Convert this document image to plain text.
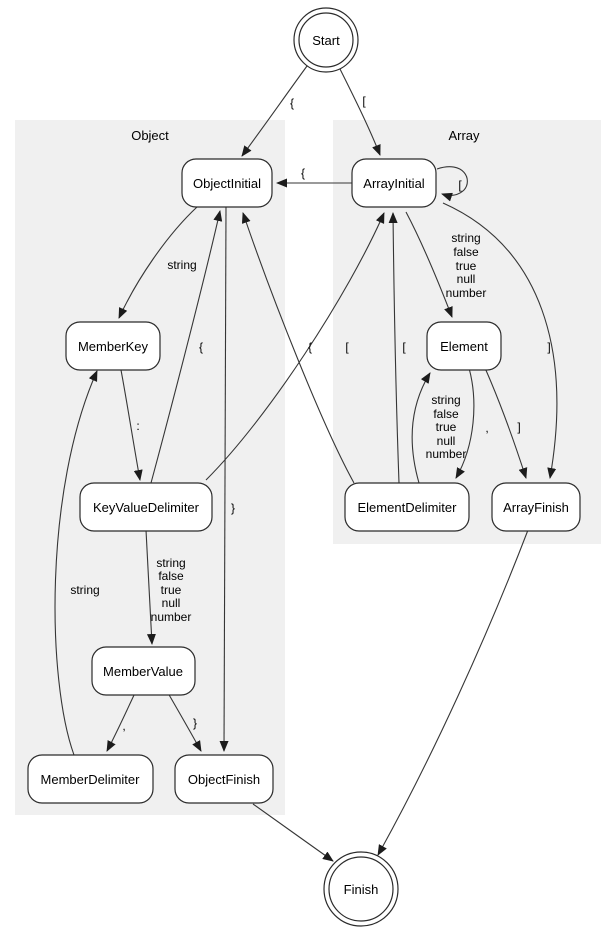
Object	Array
{	[
{
[
string
:
{	[
{	[	]
}
string
,	}
, ]
string
false
true
null
number
string
false
true
null
number
string
false
true
null
number
Start
ObjectInitial	ArrayInitial
MemberKey	Element
KeyValueDelimiter	ElementDelimiter	ArrayFinish
MemberValue
MemberDelimiter	ObjectFinish
Finish
